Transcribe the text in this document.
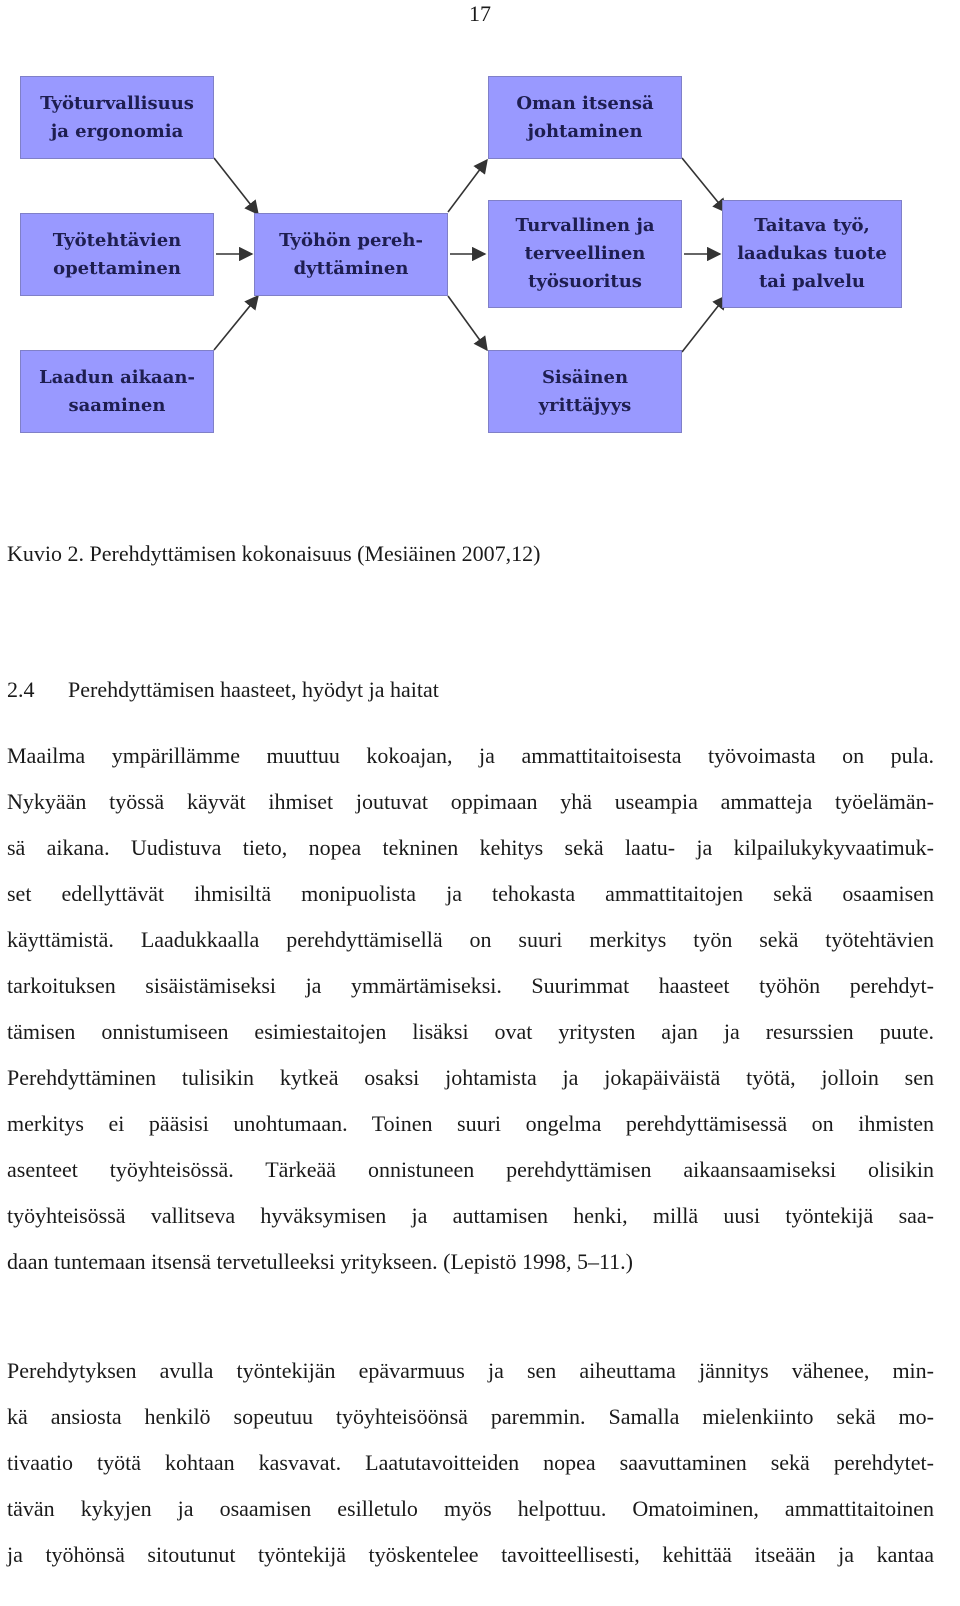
17
Työturvallisuus
ja ergonomia
Oman itsensä
johtaminen
Työtehtävien
opettaminen
Työhön pereh-
dyttäminen
Turvallinen ja
terveellinen
työsuoritus
Taitava työ,
laadukas tuote
tai palvelu
Laadun aikaan-
saaminen
Sisäinen
yrittäjyys
Kuvio 2. Perehdyttämisen kokonaisuus (Mesiäinen 2007,12)
2.4 Perehdyttämisen haasteet, hyödyt ja haitat
Maailma ympärillämme muuttuu kokoajan, ja ammattitaitoisesta työvoimasta on pula.
Nykyään työssä käyvät ihmiset joutuvat oppimaan yhä useampia ammatteja työelämän-
sä aikana. Uudistuva tieto, nopea tekninen kehitys sekä laatu- ja kilpailukykyvaatimuk-
set edellyttävät ihmisiltä monipuolista ja tehokasta ammattitaitojen sekä osaamisen
käyttämistä. Laadukkaalla perehdyttämisellä on suuri merkitys työn sekä työtehtävien
tarkoituksen sisäistämiseksi ja ymmärtämiseksi. Suurimmat haasteet työhön perehdyt-
tämisen onnistumiseen esimiestaitojen lisäksi ovat yritysten ajan ja resurssien puute.
Perehdyttäminen tulisikin kytkeä osaksi johtamista ja jokapäiväistä työtä, jolloin sen
merkitys ei pääsisi unohtumaan. Toinen suuri ongelma perehdyttämisessä on ihmisten
asenteet työyhteisössä. Tärkeää onnistuneen perehdyttämisen aikaansaamiseksi olisikin
työyhteisössä vallitseva hyväksymisen ja auttamisen henki, millä uusi työntekijä saa-
daan tuntemaan itsensä tervetulleeksi yritykseen. (Lepistö 1998, 5–11.)
Perehdytyksen avulla työntekijän epävarmuus ja sen aiheuttama jännitys vähenee, min-
kä ansiosta henkilö sopeutuu työyhteisöönsä paremmin. Samalla mielenkiinto sekä mo-
tivaatio työtä kohtaan kasvavat. Laatutavoitteiden nopea saavuttaminen sekä perehdytet-
tävän kykyjen ja osaamisen esilletulo myös helpottuu. Omatoiminen, ammattitaitoinen
ja työhönsä sitoutunut työntekijä työskentelee tavoitteellisesti, kehittää itseään ja kantaa
